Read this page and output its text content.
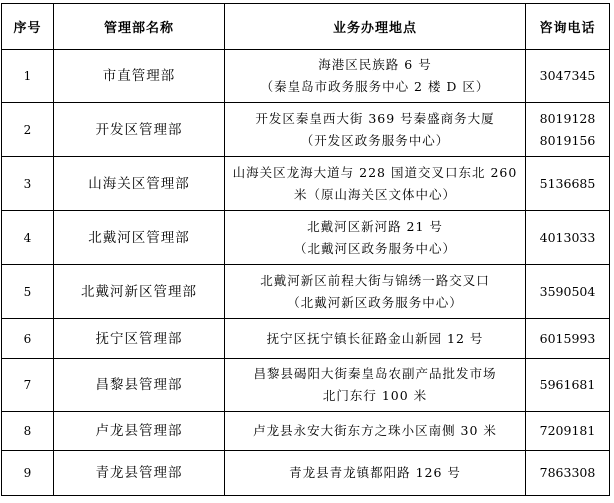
序号	管理部名称	业务办理地点	咨询电话
1	市直管理部	海港区民族路 6 号
（秦皇岛市政务服务中心 2 楼 D 区）	3047345

2	开发区管理部	开发区秦皇西大街 369 号秦盛商务大厦
（开发区政务服务中心）	8019128
8019156

3	山海关区管理部	山海关区龙海大道与 228 国道交叉口东北 260
米（原山海关区文体中心）	5136685

4	北戴河区管理部	北戴河区新河路 21 号
（北戴河区政务服务中心）	4013033

5	北戴河新区管理部	北戴河新区前程大街与锦绣一路交叉口
（北戴河新区政务服务中心）	3590504

6	抚宁区管理部	抚宁区抚宁镇长征路金山新园 12 号	6015993

7	昌黎县管理部	昌黎县碣阳大街秦皇岛农副产品批发市场
北门东行 100 米	5961681

8	卢龙县管理部	卢龙县永安大街东方之珠小区南侧 30 米	7209181

9	青龙县管理部	青龙县青龙镇都阳路 126 号	7863308
